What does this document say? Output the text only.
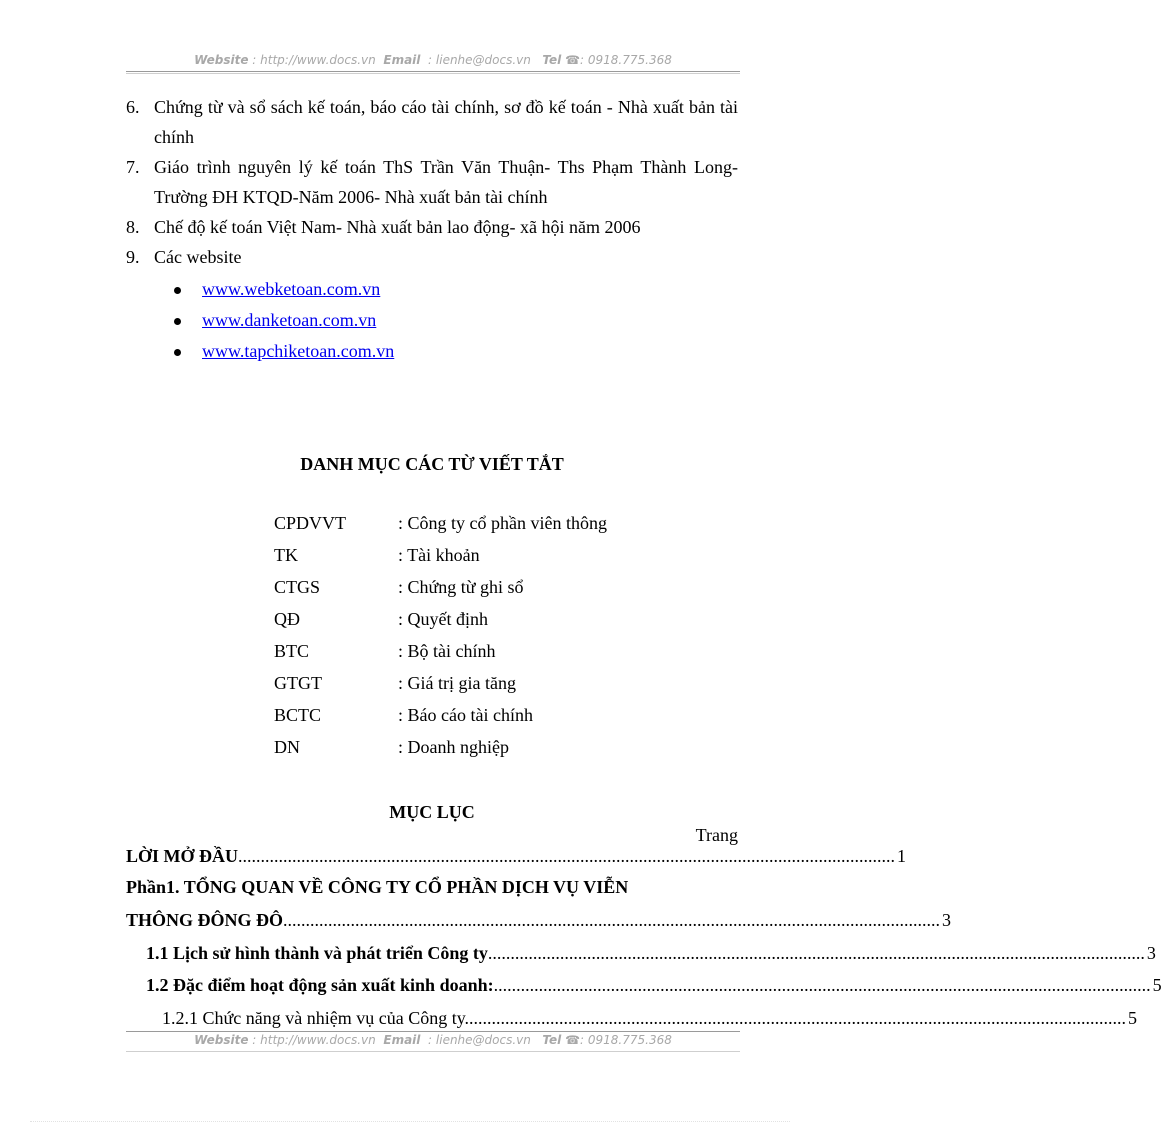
Website : http://www.docs.vn Email : lienhe@docs.vn Tel ☎: 0918.775.368
6. Chứng từ và sổ sách kế toán, báo cáo tài chính, sơ đồ kế toán - Nhà xuất bản tài chính
7. Giáo trình nguyên lý kế toán ThS Trần Văn Thuận- Ths Phạm Thành Long- Trường ĐH KTQD-Năm 2006- Nhà xuất bản tài chính
8. Chế độ kế toán Việt Nam- Nhà xuất bản lao động- xã hội năm 2006
9. Các website
www.webketoan.com.vn
www.danketoan.com.vn
www.tapchiketoan.com.vn
DANH MỤC CÁC TỪ VIẾT TẮT
CPDVVT	: Công ty cổ phần viên thông
TK	: Tài khoản
CTGS	: Chứng từ ghi sổ
QĐ	: Quyết định
BTC	: Bộ tài chính
GTGT	: Giá trị gia tăng
BCTC	: Báo cáo tài chính
DN	: Doanh nghiệp
MỤC LỤC
Trang
LỜI MỞ ĐẦU .................................................................................................................................................. 1
Phần1. TỔNG QUAN VỀ CÔNG TY CỔ PHẦN DỊCH VỤ VIỄN
THÔNG ĐÔNG ĐÔ .................................................................................................................................................. 3
1.1 Lịch sử hình thành và phát triển Công ty .................................................................................................................................................. 3
1.2 Đặc điểm hoạt động sản xuất kinh doanh: .................................................................................................................................................. 5
1.2.1 Chức năng và nhiệm vụ của Công ty. .................................................................................................................................................. 5
Website : http://www.docs.vn Email : lienhe@docs.vn Tel ☎: 0918.775.368
